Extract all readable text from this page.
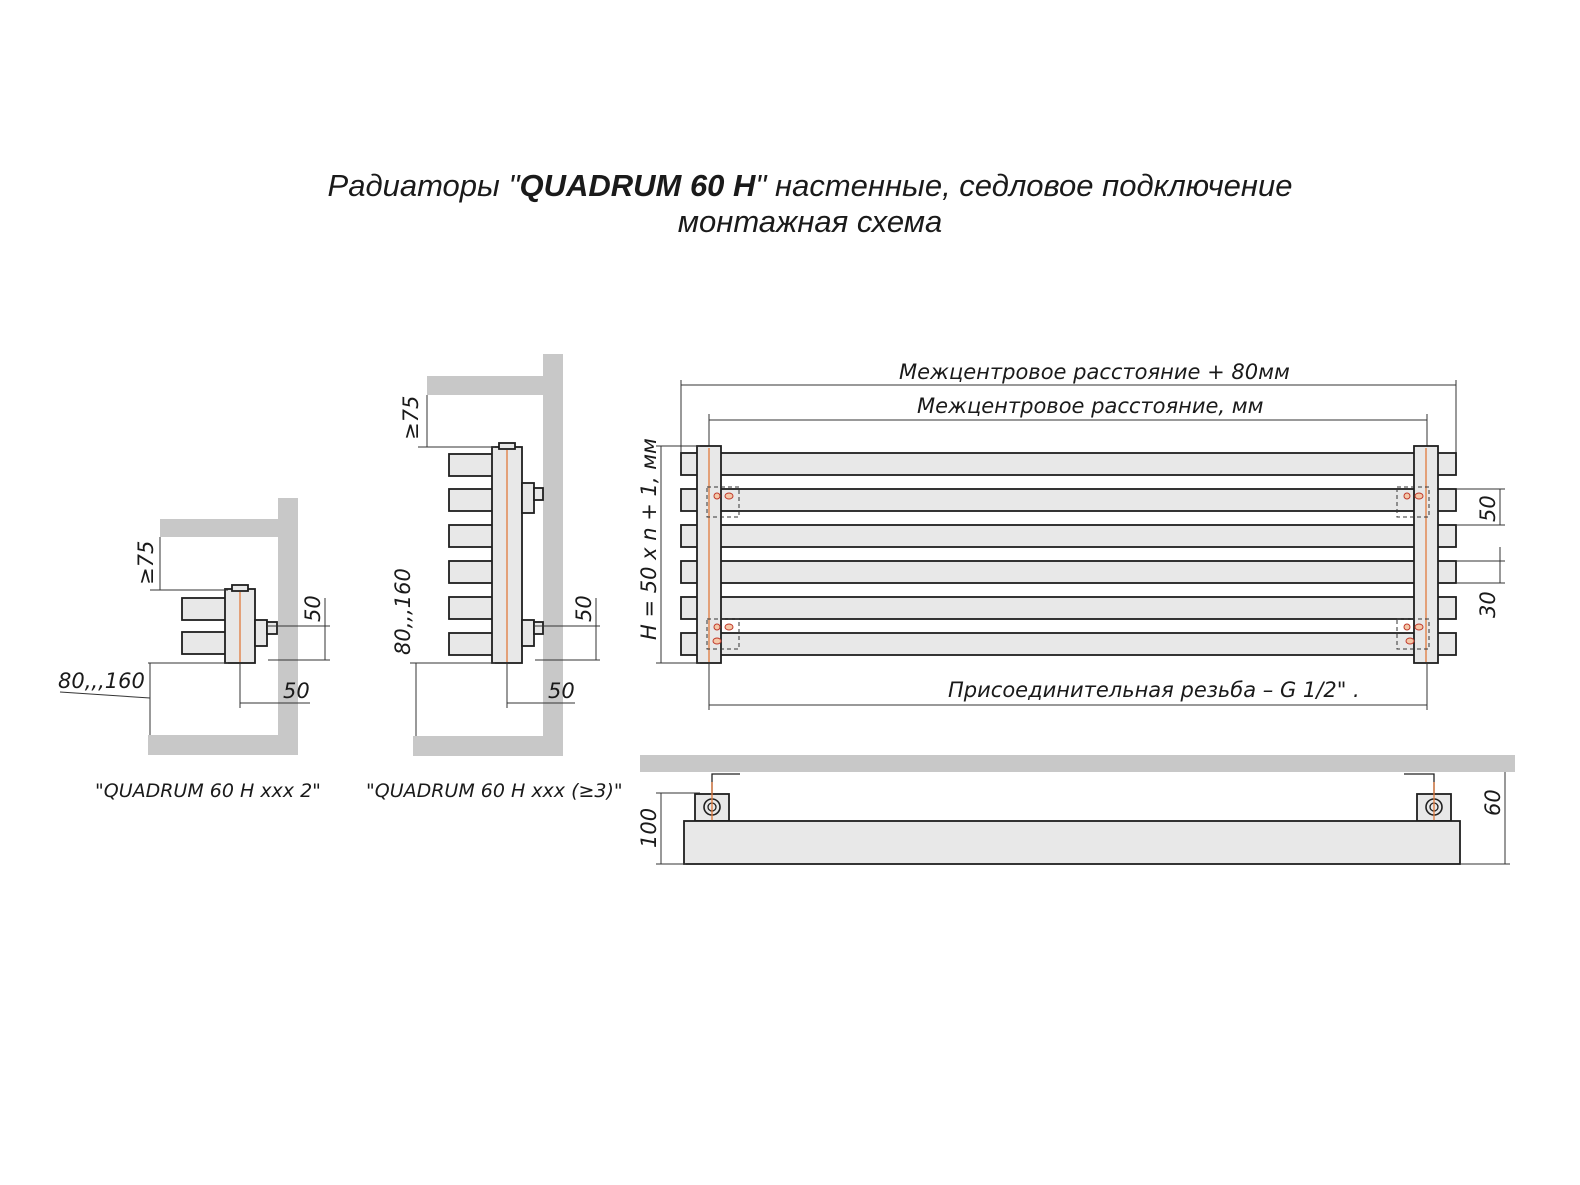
Радиаторы "QUADRUM 60 H" настенные, седловое подключение
монтажная схема
≥75
50
80,,,160	50
"QUADRUM 60 H xxx 2"
≥75
50
80,,,160
50
"QUADRUM 60 H xxx (≥3)"
Межцентровое расстояние + 80мм
Межцентровое расстояние, мм
H = 50 x n + 1, мм	50
30
Присоединительная резьба – G 1/2" .
100
60
